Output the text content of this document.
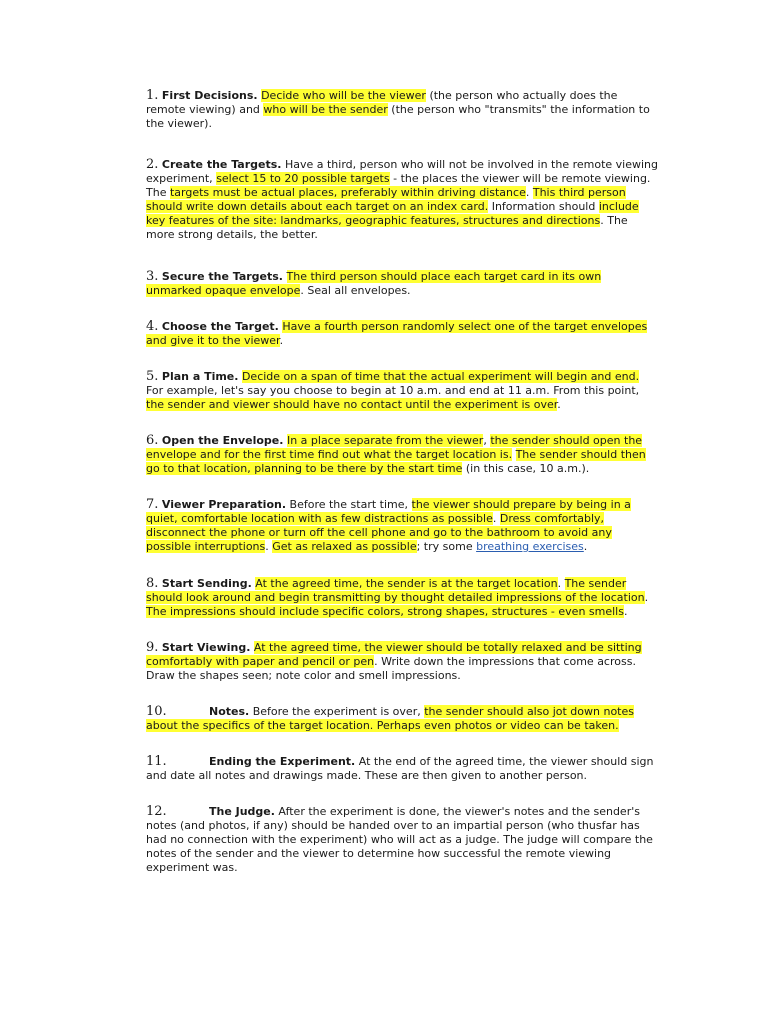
1. First Decisions. Decide who will be the viewer (the person who actually does the remote viewing) and who will be the sender (the person who "transmits" the information to the viewer).

2. Create the Targets. Have a third, person who will not be involved in the remote viewing experiment, select 15 to 20 possible targets - the places the viewer will be remote viewing. The targets must be actual places, preferably within driving distance. This third person should write down details about each target on an index card. Information should include key features of the site: landmarks, geographic features, structures and directions. The more strong details, the better.

3. Secure the Targets. The third person should place each target card in its own unmarked opaque envelope. Seal all envelopes.

4. Choose the Target. Have a fourth person randomly select one of the target envelopes and give it to the viewer.

5. Plan a Time. Decide on a span of time that the actual experiment will begin and end. For example, let's say you choose to begin at 10 a.m. and end at 11 a.m. From this point, the sender and viewer should have no contact until the experiment is over.

6. Open the Envelope. In a place separate from the viewer, the sender should open the envelope and for the first time find out what the target location is. The sender should then go to that location, planning to be there by the start time (in this case, 10 a.m.).

7. Viewer Preparation. Before the start time, the viewer should prepare by being in a quiet, comfortable location with as few distractions as possible. Dress comfortably, disconnect the phone or turn off the cell phone and go to the bathroom to avoid any possible interruptions. Get as relaxed as possible; try some breathing exercises.

8. Start Sending. At the agreed time, the sender is at the target location. The sender should look around and begin transmitting by thought detailed impressions of the location. The impressions should include specific colors, strong shapes, structures - even smells.

9. Start Viewing. At the agreed time, the viewer should be totally relaxed and be sitting comfortably with paper and pencil or pen. Write down the impressions that come across. Draw the shapes seen; note color and smell impressions.

10.	Notes. Before the experiment is over, the sender should also jot down notes about the specifics of the target location. Perhaps even photos or video can be taken.

11.	Ending the Experiment. At the end of the agreed time, the viewer should sign and date all notes and drawings made. These are then given to another person.

12.	The Judge. After the experiment is done, the viewer's notes and the sender's notes (and photos, if any) should be handed over to an impartial person (who thusfar has had no connection with the experiment) who will act as a judge. The judge will compare the notes of the sender and the viewer to determine how successful the remote viewing experiment was.
